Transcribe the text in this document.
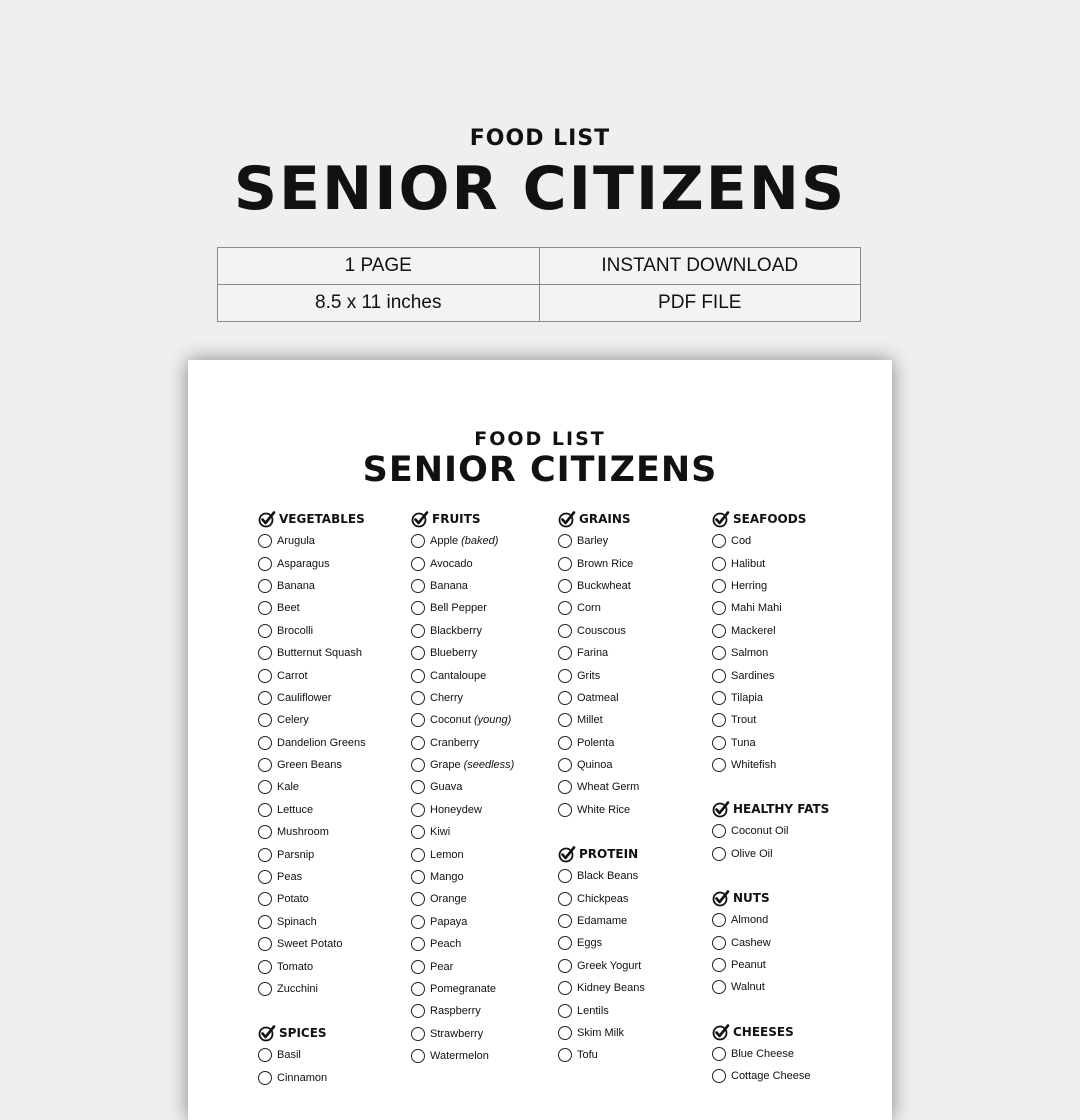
FOOD LIST
SENIOR CITIZENS
1 PAGE	INSTANT DOWNLOAD
8.5 x 11 inches	PDF FILE
FOOD LIST
SENIOR CITIZENS
VEGETABLES
Arugula
Asparagus
Banana
Beet
Brocolli
Butternut Squash
Carrot
Cauliflower
Celery
Dandelion Greens
Green Beans
Kale
Lettuce
Mushroom
Parsnip
Peas
Potato
Spinach
Sweet Potato
Tomato
Zucchini
SPICES
Basil
Cinnamon
FRUITS
Apple (baked)
Avocado
Banana
Bell Pepper
Blackberry
Blueberry
Cantaloupe
Cherry
Coconut (young)
Cranberry
Grape (seedless)
Guava
Honeydew
Kiwi
Lemon
Mango
Orange
Papaya
Peach
Pear
Pomegranate
Raspberry
Strawberry
Watermelon
GRAINS
Barley
Brown Rice
Buckwheat
Corn
Couscous
Farina
Grits
Oatmeal
Millet
Polenta
Quinoa
Wheat Germ
White Rice
PROTEIN
Black Beans
Chickpeas
Edamame
Eggs
Greek Yogurt
Kidney Beans
Lentils
Skim Milk
Tofu
SEAFOODS
Cod
Halibut
Herring
Mahi Mahi
Mackerel
Salmon
Sardines
Tilapia
Trout
Tuna
Whitefish
HEALTHY FATS
Coconut Oil
Olive Oil
NUTS
Almond
Cashew
Peanut
Walnut
CHEESES
Blue Cheese
Cottage Cheese
